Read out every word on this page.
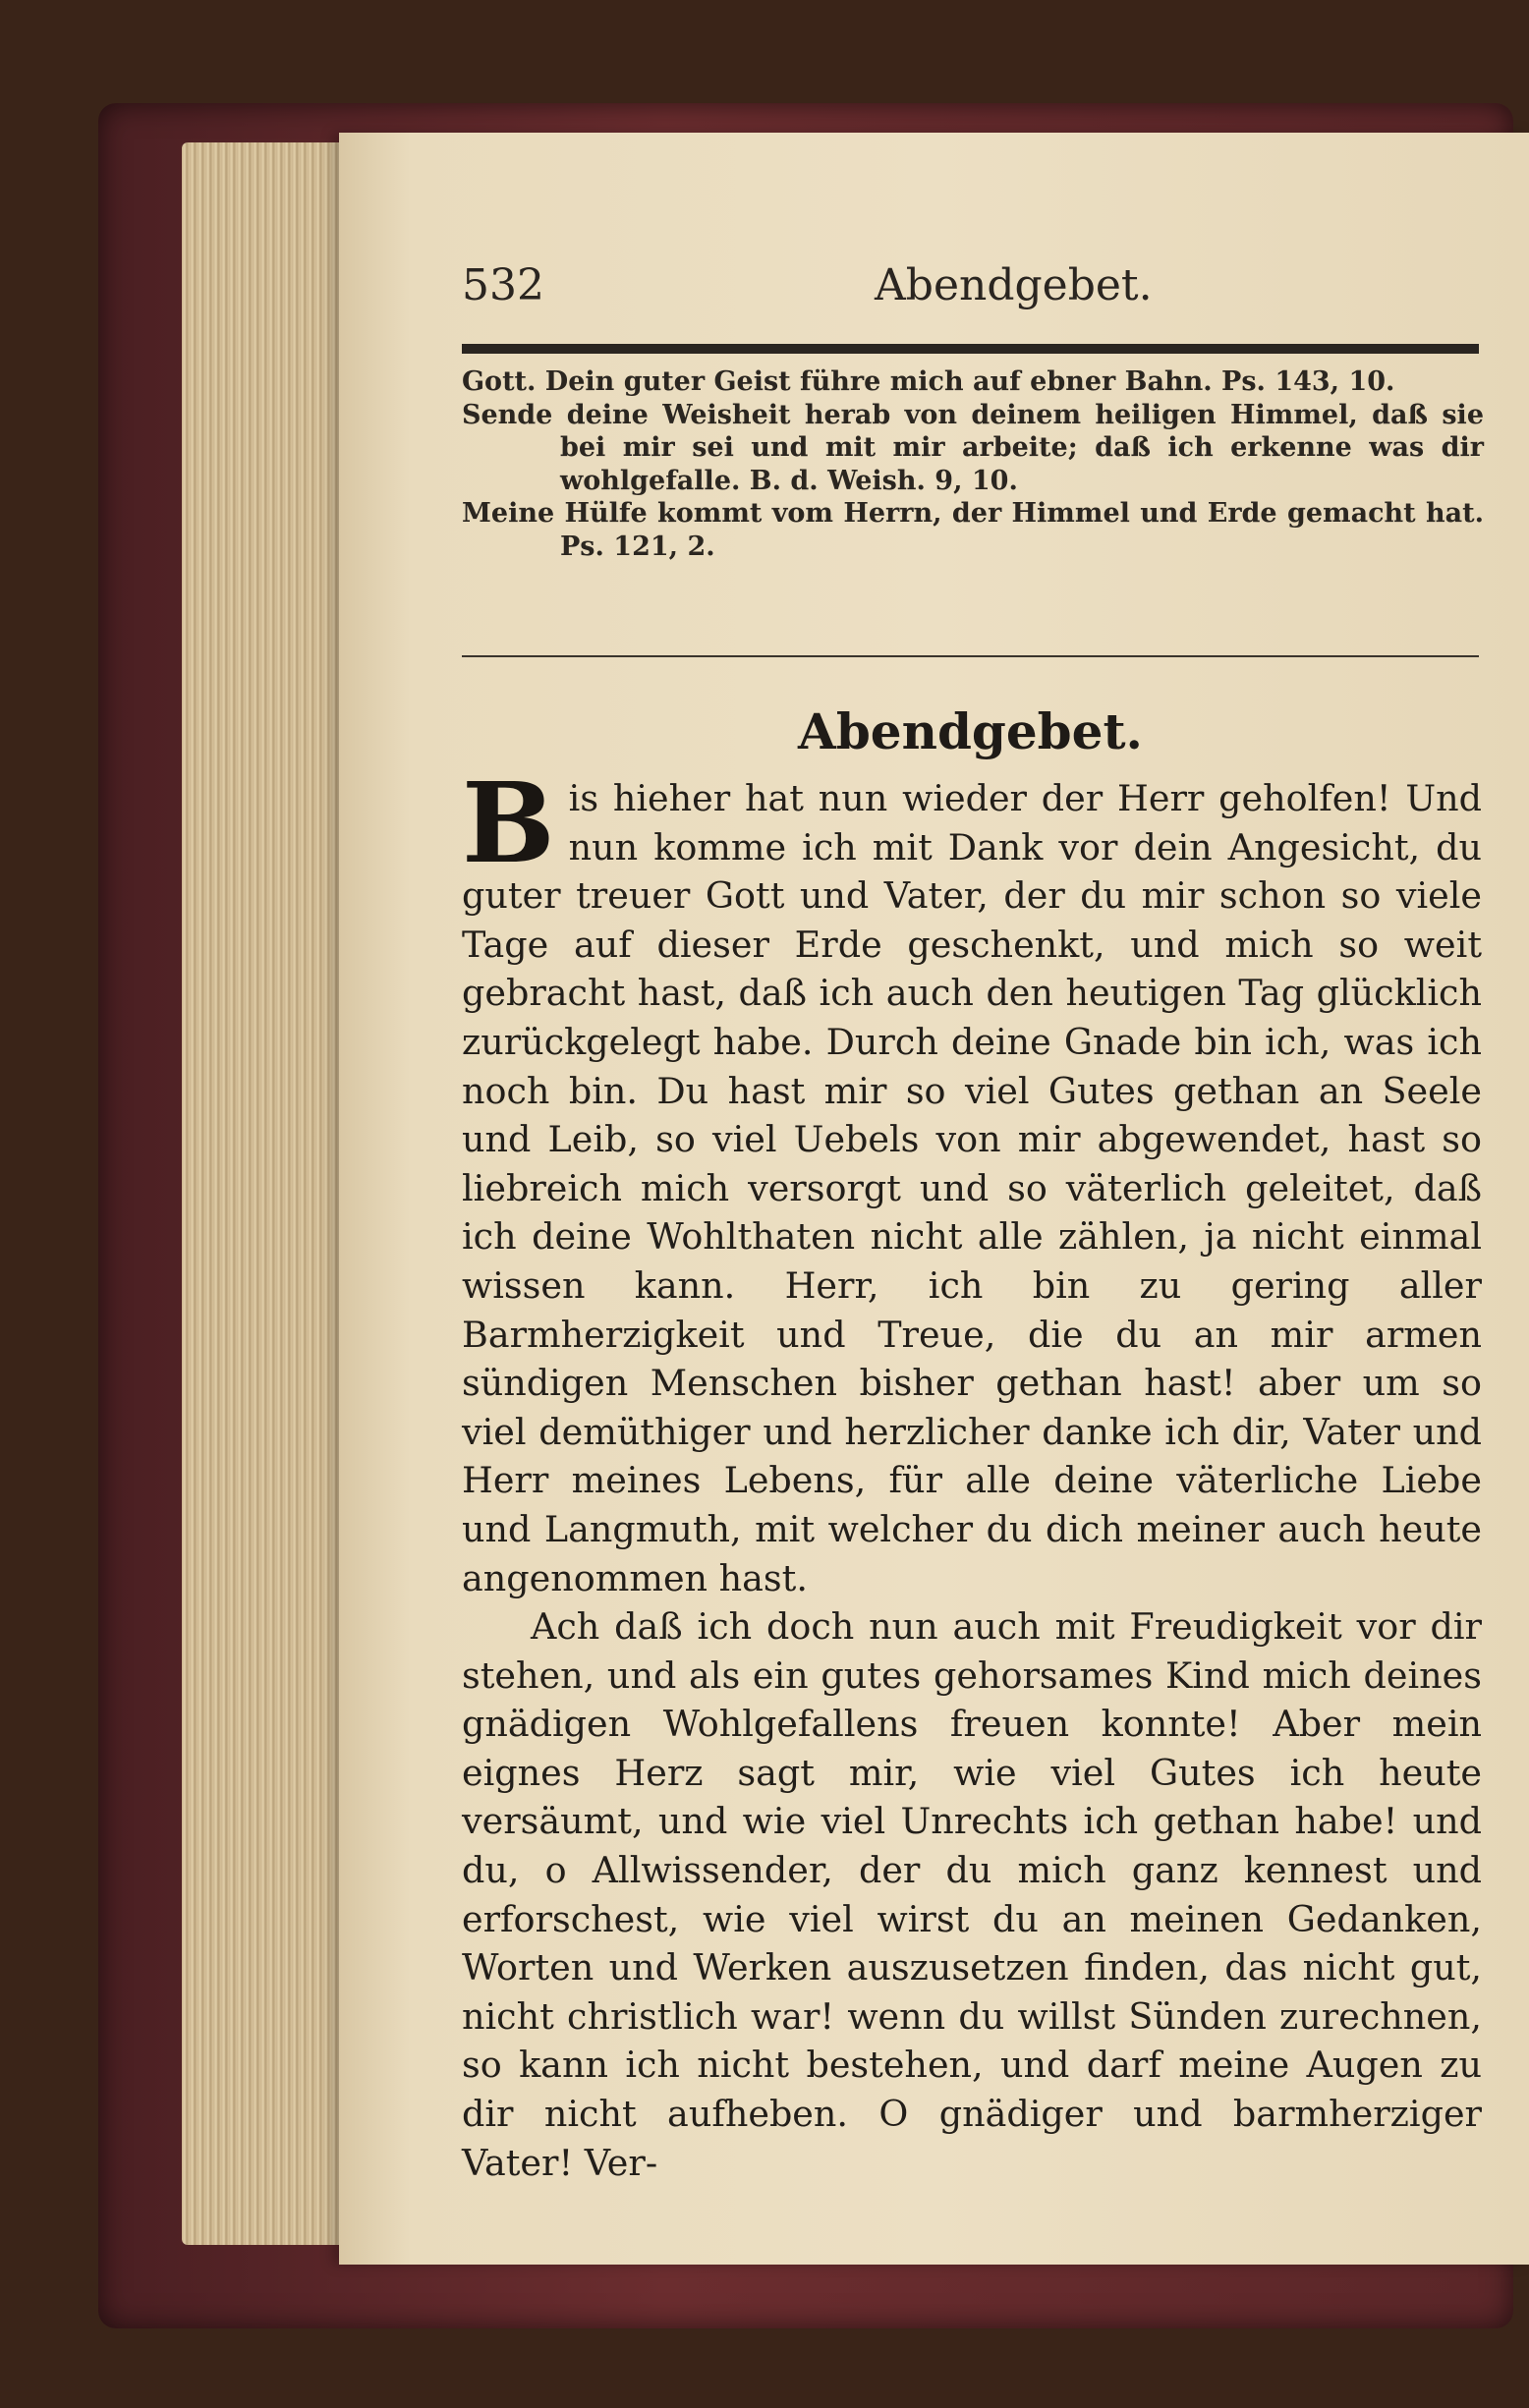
532	Abendgebet.

Gott. Dein guter Geist führe mich auf ebner Bahn. Ps. 143, 10.

Sende deine Weisheit herab von deinem heiligen Himmel, daß sie bei mir sei und mit mir arbeite; daß ich erkenne was dir wohlgefalle. B. d. Weish. 9, 10.

Meine Hülfe kommt vom Herrn, der Himmel und Erde gemacht hat. Ps. 121, 2.

Abendgebet.

Bis hieher hat nun wieder der Herr geholfen! Und nun komme ich mit Dank vor dein Angesicht, du guter treuer Gott und Vater, der du mir schon so viele Tage auf dieser Erde geschenkt, und mich so weit gebracht hast, daß ich auch den heutigen Tag glücklich zurückgelegt habe. Durch deine Gnade bin ich, was ich noch bin. Du hast mir so viel Gutes gethan an Seele und Leib, so viel Uebels von mir abgewendet, hast so liebreich mich versorgt und so väterlich geleitet, daß ich deine Wohlthaten nicht alle zählen, ja nicht einmal wissen kann. Herr, ich bin zu gering aller Barmherzigkeit und Treue, die du an mir armen sündigen Menschen bisher gethan hast! aber um so viel demüthiger und herzlicher danke ich dir, Vater und Herr meines Lebens, für alle deine väterliche Liebe und Langmuth, mit welcher du dich meiner auch heute angenommen hast.

Ach daß ich doch nun auch mit Freudigkeit vor dir stehen, und als ein gutes gehorsames Kind mich deines gnädigen Wohlgefallens freuen konnte! Aber mein eignes Herz sagt mir, wie viel Gutes ich heute versäumt, und wie viel Unrechts ich gethan habe! und du, o Allwissender, der du mich ganz kennest und erforschest, wie viel wirst du an meinen Gedanken, Worten und Werken auszusetzen finden, das nicht gut, nicht christlich war! wenn du willst Sünden zurechnen, so kann ich nicht bestehen, und darf meine Augen zu dir nicht aufheben. O gnädiger und barmherziger Vater! Ver-
